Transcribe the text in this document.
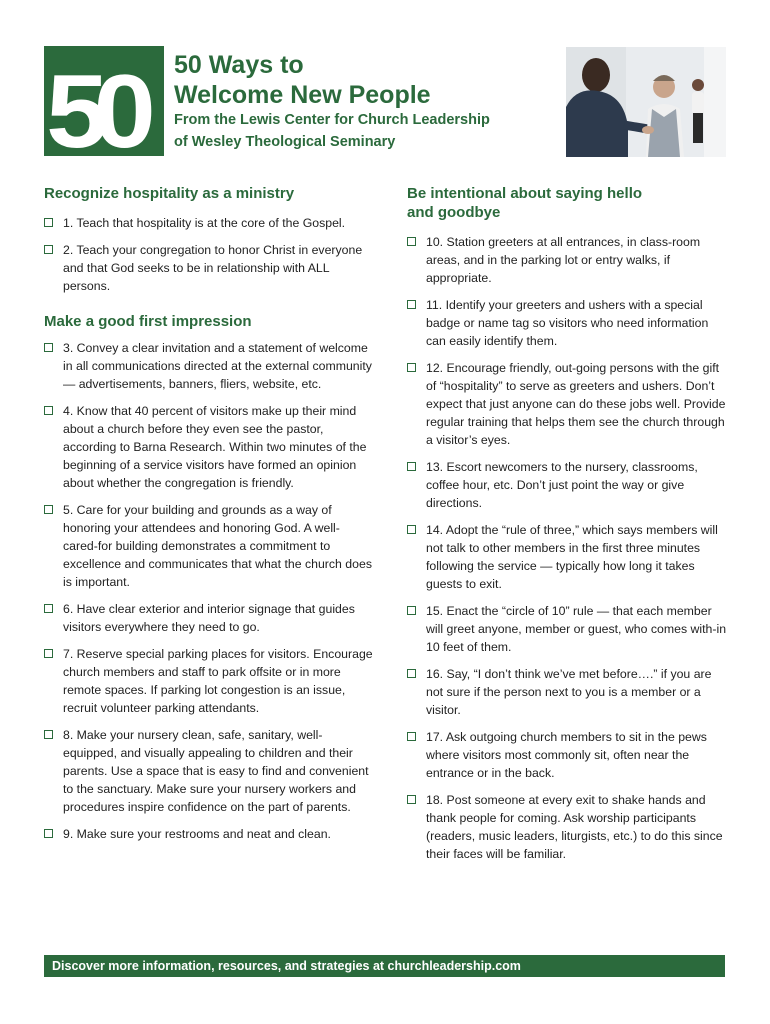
50 50 Ways to
Welcome New People
From the Lewis Center for Church Leadership
of Wesley Theological Seminary
Recognize hospitality as a ministry
1. Teach that hospitality is at the core of the Gospel.
2. Teach your congregation to honor Christ in everyone and that God seeks to be in relationship with ALL persons.
Make a good first impression
3. Convey a clear invitation and a statement of welcome in all communications directed at the external community — advertisements, banners, fliers, website, etc.
4. Know that 40 percent of visitors make up their mind about a church before they even see the pastor, according to Barna Research. Within two minutes of the beginning of a service visitors have formed an opinion about whether the congregation is friendly.
5. Care for your building and grounds as a way of honoring your attendees and honoring God. A well-cared-for building demonstrates a commitment to excellence and communicates that what the church does is important.
6. Have clear exterior and interior signage that guides visitors everywhere they need to go.
7. Reserve special parking places for visitors. Encourage church members and staff to park offsite or in more remote spaces. If parking lot congestion is an issue, recruit volunteer parking attendants.
8. Make your nursery clean, safe, sanitary, well-equipped, and visually appealing to children and their parents. Use a space that is easy to find and convenient to the sanctuary. Make sure your nursery workers and procedures inspire confidence on the part of parents.
9. Make sure your restrooms and neat and clean.
Be intentional about saying hello
and goodbye
10. Station greeters at all entrances, in class-room areas, and in the parking lot or entry walks, if appropriate.
11. Identify your greeters and ushers with a special badge or name tag so visitors who need information can easily identify them.
12. Encourage friendly, out-going persons with the gift of “hospitality” to serve as greeters and ushers. Don’t expect that just anyone can do these jobs well. Provide regular training that helps them see the church through a visitor’s eyes.
13. Escort newcomers to the nursery, classrooms, coffee hour, etc. Don’t just point the way or give directions.
14. Adopt the “rule of three,” which says members will not talk to other members in the first three minutes following the service — typically how long it takes guests to exit.
15. Enact the “circle of 10” rule — that each member will greet anyone, member or guest, who comes with-in 10 feet of them.
16. Say, “I don’t think we’ve met before….” if you are not sure if the person next to you is a member or a visitor.
17. Ask outgoing church members to sit in the pews where visitors most commonly sit, often near the entrance or in the back.
18. Post someone at every exit to shake hands and thank people for coming. Ask worship participants (readers, music leaders, liturgists, etc.) to do this since their faces will be familiar.
Discover more information, resources, and strategies at churchleadership.com
